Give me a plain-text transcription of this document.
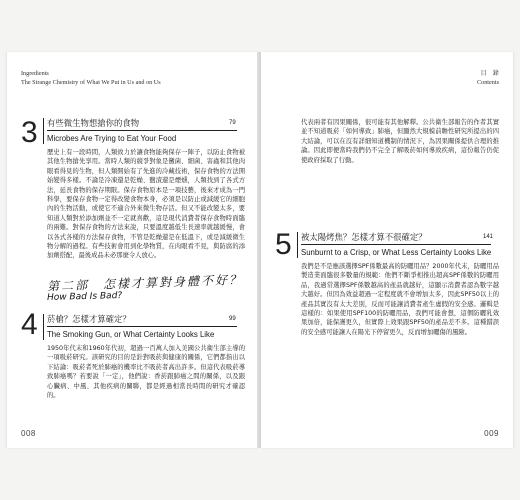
Ingredients
The Strange Chemistry of What We Put in Us and on Us
3 有些微生物想搶你的食物	79
Microbes Are Trying to Eat Your Food
歷史上有一段時間，人類致力於讓食物能夠保存一陣子，以防止食物被其他生物搶先享用。當時人類的競爭對象是黴菌、細菌、害蟲和其他肉眼看得見的生物，但人類開始有了先進的冷藏技術，保存食物的方法開始變得多樣。不論是冷凍還是乾燥、鹽漬還是煙燻，人類找到了各式方法，延長食物的保存期限。保存食物原本是一項技藝，後來才成為一門科學，要保存食物一定得改變食物本身，必須是以防止或減緩它的細胞內的生物活動，或使它不適合外來微生物存活。但又不能改變太多，要知道人類對於添加劑並不一定就喜歡，這是現代消費者保存食物時面臨的兩難。對保存食物的方法來說，只要溫度越低生長速率就越緩慢，會以各式各樣的方法保存食物，不管是乾燥還是在低溫下，或是減緩微生物分解的過程。有些技術會用到化學物質，在肉眼看不見，與防腐的添加劑搭配，最後成品未必那麼令人放心。
第二部　怎樣才算對身體不好？
How Bad Is Bad?
4 菸槍？怎樣才算確定？	99
The Smoking Gun, or What Certainty Looks Like
1950年代末和1960年代初，超過一百萬人加入美國公共衛生部主導的一項吸菸研究。該研究的目的是針對吸菸與健康的關係，它們都指出以下結論：吸菸者死於肺癌的機率比不吸菸者高出許多。但這代表吸菸導致肺癌嗎？若要說「一定」，他們說：香菸跟肺癌之間的關係，以及跟心臟病、中風、其他疾病的關聯，都是經過相當長時間的研究才確認的。
008
目　錄
Contents
代表兩者有因果關係，很可能有其他解釋。公共衛生部報告的作者其實並不知道吸菸「如何導致」肺癌，但顯然大規模前瞻性研究所提出的四大結論，可以在沒有詳細知道機制的情況下，為因果關係提供合理的推論。因此即便當時我們仍不完全了解吸菸如何導致疾病，這份報告仍促使政府採取了行動。
5 被太陽烤焦？怎樣才算不很確定？	141
Sunburnt to a Crisp, or What Less Certainty Looks Like
我們是不是應該選擇SPF係數最高的防曬用品？2000年代末，防曬用品製造業面臨很多數量的規範：他們不斷爭相推出超高SPF係數的防曬用品，我過常選擇SPF係數越高的產品就越好，這顯示消費者認為數字越大越好。但因為效益超過一定程度就不會增加太多，因此SPF50以上的產品其實沒有太大差別，反而可能讓消費者產生虛假的安全感。邏輯是這樣的：如果使用SPF100的防曬用品，我們可能會想，這個防曬乳效果加倍，能保護更久，但實際上效果跟SPF50的產品差不多。這種錯誤的安全感可能讓人在陽光下停留更久，反而增加曬傷的風險。
009
